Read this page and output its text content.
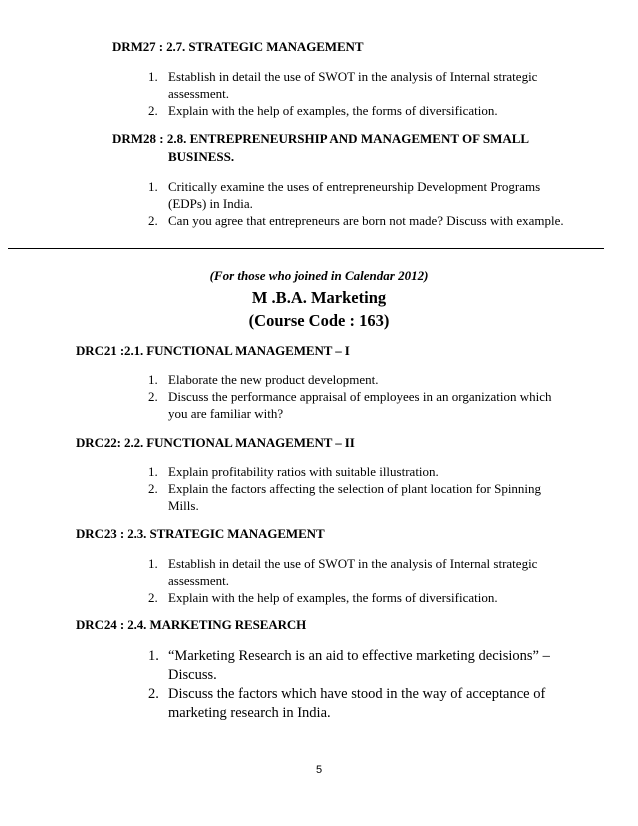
DRM27 : 2.7. STRATEGIC MANAGEMENT
1. Establish in detail the use of SWOT in the analysis of Internal strategic assessment.
2. Explain with the help of examples, the forms of diversification.
DRM28 : 2.8. ENTREPRENEURSHIP AND MANAGEMENT OF SMALL
BUSINESS.
1. Critically examine the uses of entrepreneurship Development Programs (EDPs) in India.
2. Can you agree that entrepreneurs are born not made? Discuss with example.
(For those who joined in Calendar 2012)
M .B.A. Marketing
(Course Code : 163)
DRC21 :2.1. FUNCTIONAL MANAGEMENT – I
1. Elaborate the new product development.
2. Discuss the performance appraisal of employees in an organization which you are familiar with?
DRC22: 2.2. FUNCTIONAL MANAGEMENT – II
1. Explain profitability ratios with suitable illustration.
2. Explain the factors affecting the selection of plant location for Spinning Mills.
DRC23 : 2.3. STRATEGIC MANAGEMENT
1. Establish in detail the use of SWOT in the analysis of Internal strategic assessment.
2. Explain with the help of examples, the forms of diversification.
DRC24 : 2.4. MARKETING RESEARCH
1. “Marketing Research is an aid to effective marketing decisions” – Discuss.
2. Discuss the factors which have stood in the way of acceptance of marketing research in India.
5
